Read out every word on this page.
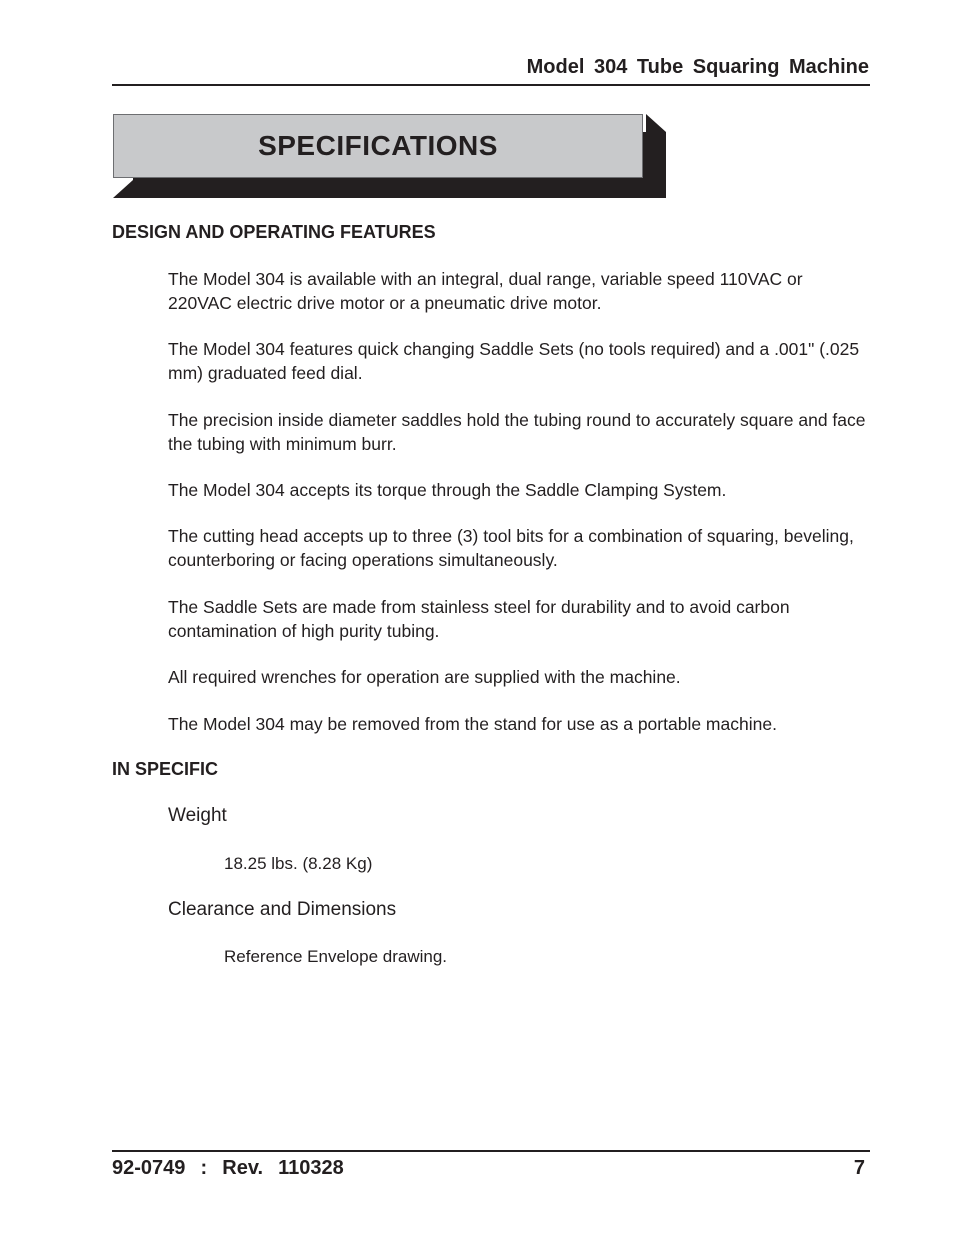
Model 304 Tube Squaring Machine
SPECIFICATIONS
DESIGN AND OPERATING FEATURES
The Model 304 is available with an integral, dual range, variable speed 110VAC or 220VAC electric drive motor or a pneumatic drive motor.
The Model 304 features quick changing Saddle Sets (no tools required) and a .001" (.025 mm) graduated feed dial.
The precision inside diameter saddles hold the tubing round to accurately square and face the tubing with minimum burr.
The Model 304 accepts its torque through the Saddle Clamping System.
The cutting head accepts up to three (3) tool bits for a combination of squaring, beveling, counterboring or facing operations simultaneously.
The Saddle Sets are made from stainless steel for durability and to avoid carbon contamination of high purity tubing.
All required wrenches for operation are supplied with the machine.
The Model 304 may be removed from the stand for use as a portable machine.
IN SPECIFIC
Weight
18.25 lbs. (8.28 Kg)
Clearance and Dimensions
Reference Envelope drawing.
92-0749  :  Rev.  110328	7
